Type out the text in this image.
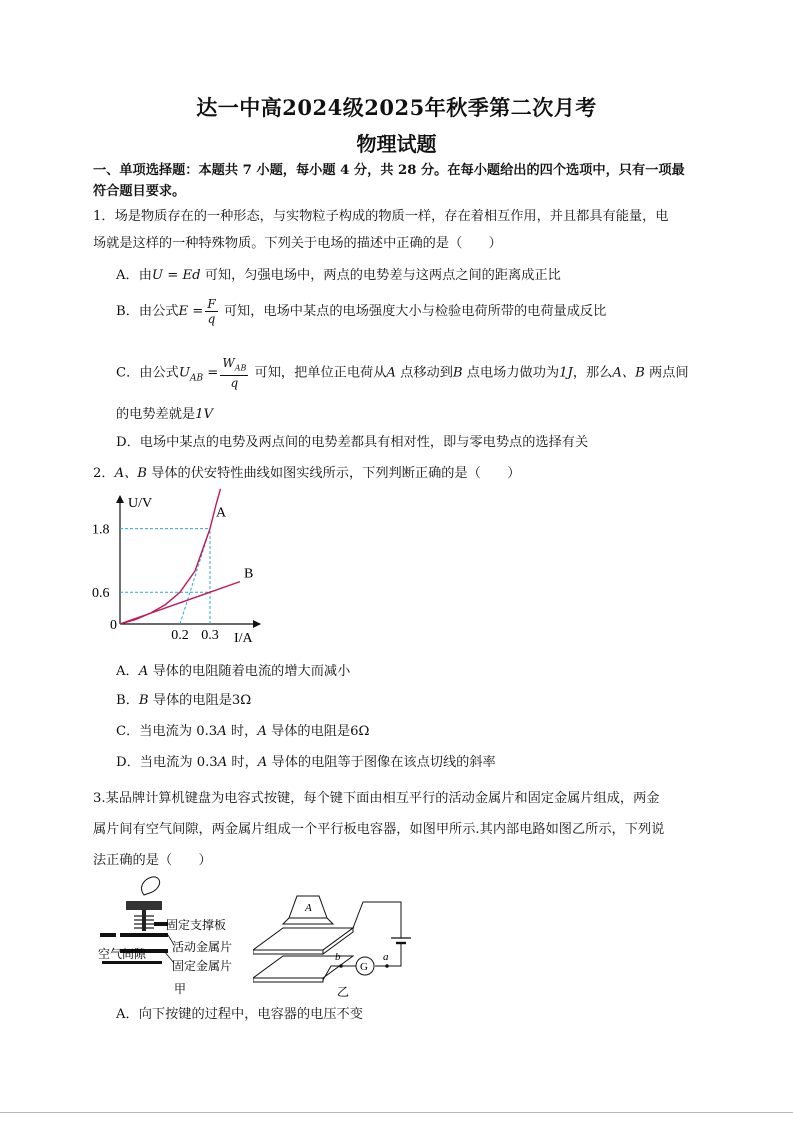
达一中高2024级2025年秋季第二次月考
物理试题
一、单项选择题：本题共 7 小题，每小题 4 分，共 28 分。在每小题给出的四个选项中，只有一项最
符合题目要求。
1．场是物质存在的一种形态，与实物粒子构成的物质一样，存在着相互作用，并且都具有能量，电
场就是这样的一种特殊物质。下列关于电场的描述中正确的是（　　）
A．由U = Ed 可知，匀强电场中，两点的电势差与这两点之间的距离成正比
B．由公式$E = \frac{F}{q}$ 可知，电场中某点的电场强度大小与检验电荷所带的电荷量成反比
C．由公式$U_{AB} = \frac{W_{AB}}{q}$ 可知，把单位正电荷从A 点移动到B 点电场力做功为1J，那么A、B 两点间
的电势差就是1V
D．电场中某点的电势及两点间的电势差都具有相对性，即与零电势点的选择有关
2．A、B 导体的伏安特性曲线如图实线所示，下列判断正确的是（　　）
0.6
1.8
0.2 0.3
0
U/V
I/A
A
B
A．A 导体的电阻随着电流的增大而减小
B．B 导体的电阻是3Ω
C．当电流为 0.3A 时，A 导体的电阻是6Ω
D．当电流为 0.3A 时，A 导体的电阻等于图像在该点切线的斜率
3.某品牌计算机键盘为电容式按键，每个键下面由相互平行的活动金属片和固定金属片组成，两金
属片间有空气间隙，两金属片组成一个平行板电容器，如图甲所示.其内部电路如图乙所示，下列说
法正确的是（　　）
固定支撑板
空气间隙 活动金属片
固定金属片
甲
A
G
b	a
乙
A．向下按键的过程中，电容器的电压不变
